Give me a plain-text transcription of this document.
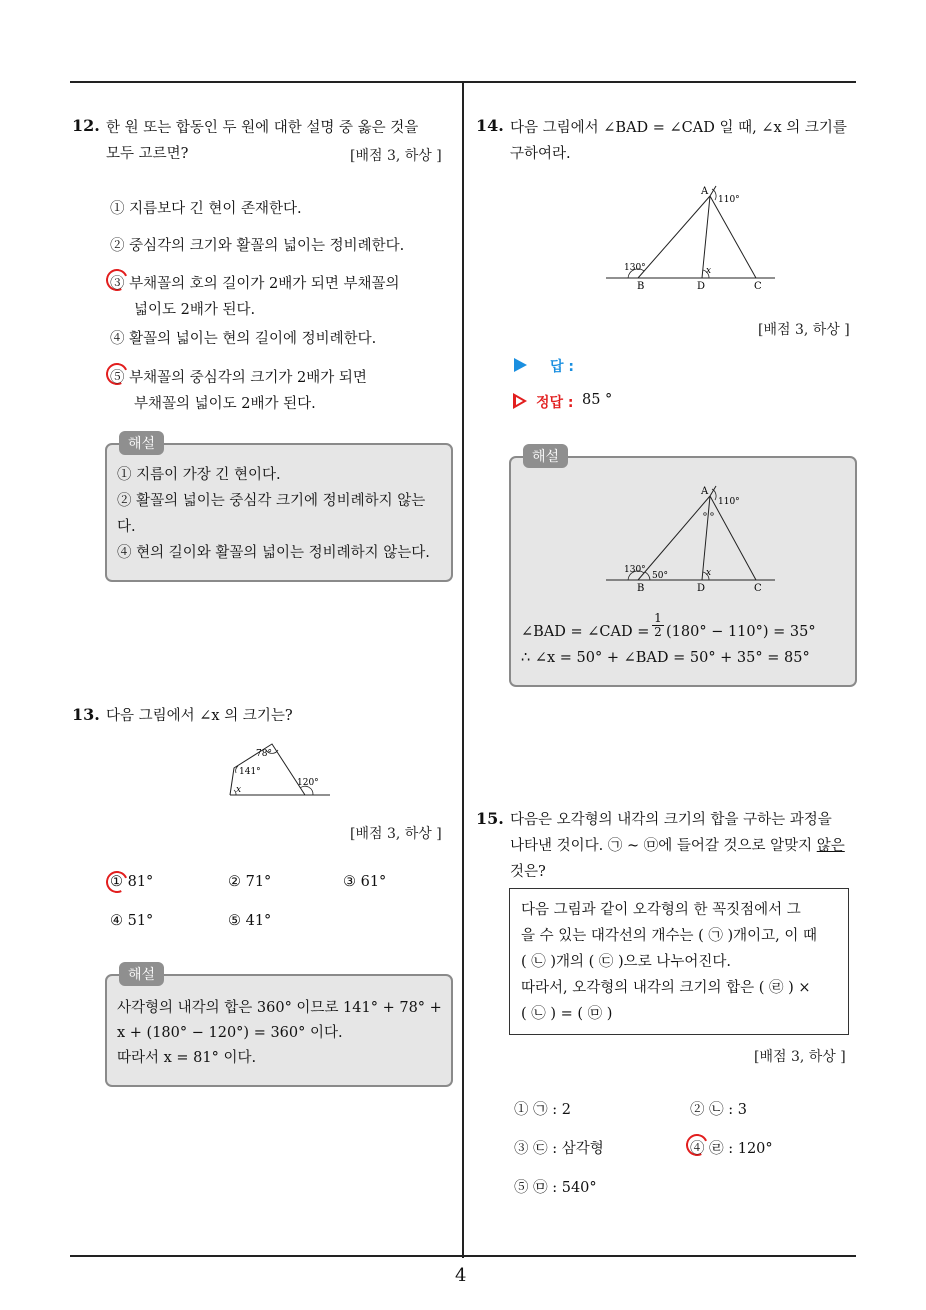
4
12. 한 원 또는 합동인 두 원에 대한 설명 중 옳은 것을
모두 고르면?	[배점 3, 하상 ]
① 지름보다 긴 현이 존재한다.
② 중심각의 크기와 활꼴의 넓이는 정비례한다.
③ 부채꼴의 호의 길이가 2배가 되면 부채꼴의
넓이도 2배가 된다.
④ 활꼴의 넓이는 현의 길이에 정비례한다.
⑤ 부채꼴의 중심각의 크기가 2배가 되면
부채꼴의 넓이도 2배가 된다.
해설
① 지름이 가장 긴 현이다.
② 활꼴의 넓이는 중심각 크기에 정비례하지 않는
다.
④ 현의 길이와 활꼴의 넓이는 정비례하지 않는다.
13. 다음 그림에서 ∠x 의 크기는?
78°
141°
120°
x
[배점 3, 하상 ]
① 81°	② 71°	③ 61°
④ 51°	⑤ 41°
해설
사각형의 내각의 합은 360° 이므로 141° + 78° +
x + (180° − 120°) = 360° 이다.
따라서 x = 81° 이다.
14. 다음 그림에서 ∠BAD = ∠CAD 일 때, ∠x 의 크기를
구하여라.
A
110°
130°	x
B	D	C
[배점 3, 하상 ]
답 :
정답 : 85 °
해설
A
110°
130°
50°	x
B	D	C
∠BAD = ∠CAD = $\frac{1}{2} (180^\circ - 110^\circ) = 35^\circ$
∴ ∠x = 50° + ∠BAD = 50° + 35° = 85°
15. 다음은 오각형의 내각의 크기의 합을 구하는 과정을
나타낸 것이다. ㉠ ~ ㉤에 들어갈 것으로 알맞지 않은
것은?
다음 그림과 같이 오각형의 한 꼭짓점에서 그
을 수 있는 대각선의 개수는 ( ㉠ )개이고, 이 때
( ㉡ )개의 ( ㉢ )으로 나누어진다.
따라서, 오각형의 내각의 크기의 합은 ( ㉣ ) ×
( ㉡ ) = ( ㉤ )
[배점 3, 하상 ]
① ㉠ : 2	② ㉡ : 3
③ ㉢ : 삼각형	④ ㉣ : 120°
⑤ ㉤ : 540°
